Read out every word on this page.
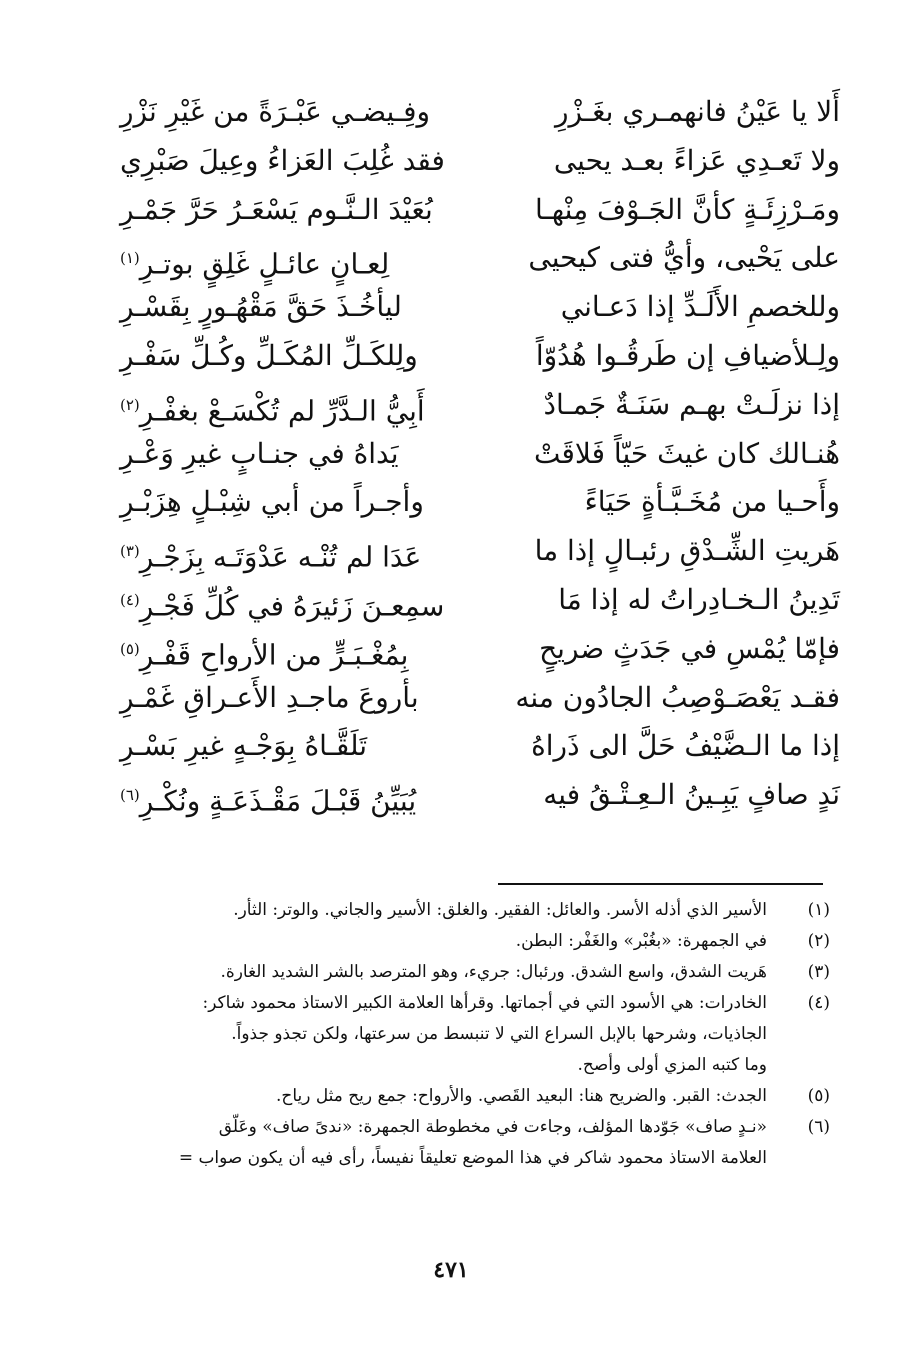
أَلا يا عَيْنُ فانهمـري بغَـزْرِ
ولا تَعـدِي عَزاءً بعـد يحيى
ومَـرْزِئَـةٍ كأنَّ الجَـوْفَ مِنْهـا
على يَحْيى، وأيُّ فتى كيحيى
وللخصمِ الأَلَـدِّ إذا دَعـاني
ولِـلأضيافِ إن طَرقُـوا هُدُوّاً
إذا نزلَـتْ بهـم سَنَـةٌ جَمـادٌ
هُنـالك كان غيثَ حَيّاً فَلاقَتْ
وأَحـيا من مُخَـبَّـأةٍ حَيَاءً
هَريتِ الشِّـدْقِ رئبـالٍ إذا ما
تَدِينُ الـخـادِراتُ له إذا مَا
فإمّا يُمْسِ في جَدَثٍ ضريحٍ
فقـد يَعْصَـوْصِبُ الجادُون منه
إذا ما الـضَّيْفُ حَلَّ الى ذَراهُ
نَدٍ صافٍ يَبِـينُ الـعِـتْـقُ فيه
وفِـيضـي عَبْـرَةً من غَيْرِ نَزْرِ
فقد غُلِبَ العَزاءُ وعِيلَ صَبْرِي
بُعَيْدَ الـنَّـوم يَسْعَـرُ حَرَّ جَمْـرِ
لِعـانٍ عائـلٍ غَلِقٍ بوتـرِ$^{(١)}$
ليأخُـذَ حَقَّ مَقْهُـورٍ بِقَسْـرِ
ولِلكَـلِّ المُكَـلِّ وكُـلِّ سَفْـرِ
أَبِيُّ الـدَّرِّ لم تُكْسَـعْ بغفْـرِ$^{(٢)}$
يَداهُ في جنـابٍ غيرِ وَعْـرِ
وأجـراً من أبي شِبْـلٍ هِزَبْـرِ
عَدَا لم تُنْـه عَدْوَتَـه بِزَجْـرِ$^{(٣)}$
سمِعـنَ زَئيرَهُ في كُلِّ فَجْـرِ$^{(٤)}$
بِمُغْـبَـرٍّ من الأرواحِ قَفْـرِ$^{(٥)}$
بأروعَ ماجـدِ الأَعـراقِ غَمْـرِ
تَلَقَّـاهُ بِوَجْـهٍ غيرِ بَسْـرِ
يُبَيِّنُ قَبْـلَ مَقْـذَعَـةٍ ونُكْـرِ$^{(٦)}$
(١)
الأسير الذي أذله الأسر. والعائل: الفقير. والغلق: الأسير والجاني. والوتر: الثأر.
(٢)
في الجمهرة: «بغُبْر» والغَفْر: البطن.
(٣)
هَريت الشدق، واسع الشدق. ورئبال: جريء، وهو المترصد بالشر الشديد الغارة.
(٤)
الخادرات: هي الأسود التي في أجماتها. وقرأها العلامة الكبير الاستاذ محمود شاكر:
الجاذيات، وشرحها بالإبل السراع التي لا تنبسط من سرعتها، ولكن تجذو جذواً.
وما كتبه المزي أولى وأصح.
(٥)
الجدث: القبر. والضريح هنا: البعيد القَصي. والأرواح: جمع ريح مثل رياح.
(٦)
«نـدٍ صاف» جَوّدها المؤلف، وجاءت في مخطوطة الجمهرة: «ندىً صاف» وعَلّق
العلامة الاستاذ محمود شاكر في هذا الموضع تعليقاً نفيساً، رأى فيه أن يكون صواب =
٤٧١
